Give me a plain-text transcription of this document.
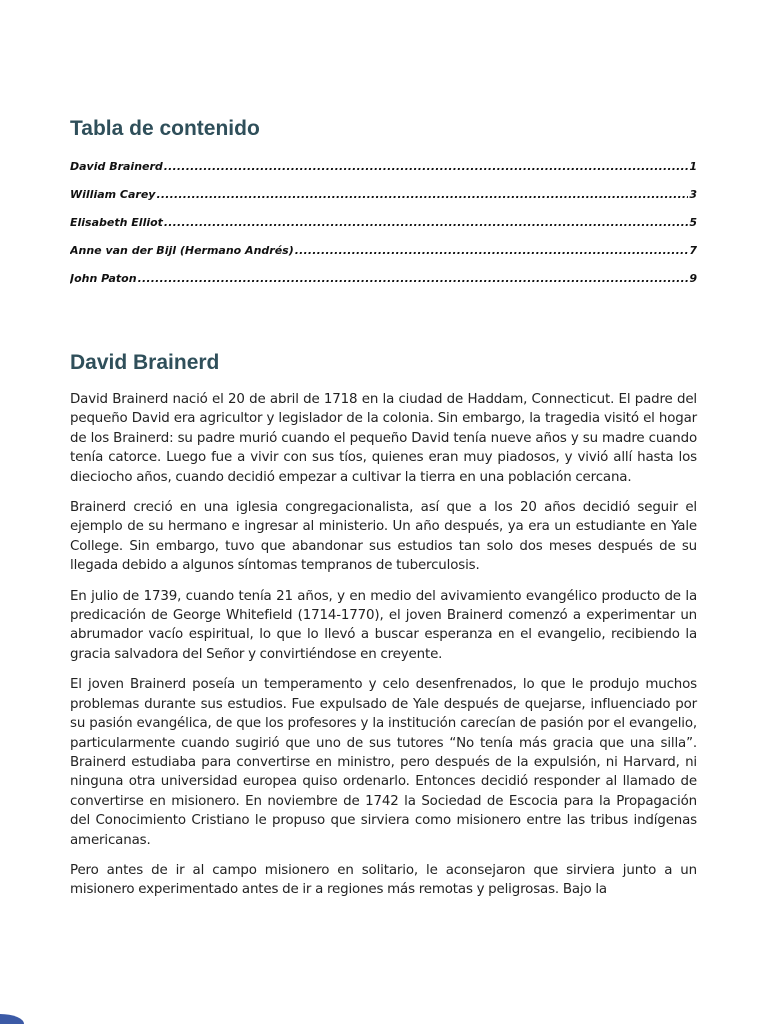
Tabla de contenido
David Brainerd .....	1
William Carey .....	3
Elisabeth Elliot .....	5
Anne van der Bijl (Hermano Andrés) .....	7
John Paton .....	9
David Brainerd

David Brainerd nació el 20 de abril de 1718 en la ciudad de Haddam, Connecticut. El padre del pequeño David era agricultor y legislador de la colonia. Sin embargo, la tragedia visitó el hogar de los Brainerd: su padre murió cuando el pequeño David tenía nueve años y su madre cuando tenía catorce. Luego fue a vivir con sus tíos, quienes eran muy piadosos, y vivió allí hasta los dieciocho años, cuando decidió empezar a cultivar la tierra en una población cercana.

Brainerd creció en una iglesia congregacionalista, así que a los 20 años decidió seguir el ejemplo de su hermano e ingresar al ministerio. Un año después, ya era un estudiante en Yale College. Sin embargo, tuvo que abandonar sus estudios tan solo dos meses después de su llegada debido a algunos síntomas tempranos de tuberculosis.

En julio de 1739, cuando tenía 21 años, y en medio del avivamiento evangélico producto de la predicación de George Whitefield (1714-1770), el joven Brainerd comenzó a experimentar un abrumador vacío espiritual, lo que lo llevó a buscar esperanza en el evangelio, recibiendo la gracia salvadora del Señor y convirtiéndose en creyente.

El joven Brainerd poseía un temperamento y celo desenfrenados, lo que le produjo muchos problemas durante sus estudios. Fue expulsado de Yale después de quejarse, influenciado por su pasión evangélica, de que los profesores y la institución carecían de pasión por el evangelio, particularmente cuando sugirió que uno de sus tutores “No tenía más gracia que una silla”. Brainerd estudiaba para convertirse en ministro, pero después de la expulsión, ni Harvard, ni ninguna otra universidad europea quiso ordenarlo. Entonces decidió responder al llamado de convertirse en misionero. En noviembre de 1742 la Sociedad de Escocia para la Propagación del Conocimiento Cristiano le propuso que sirviera como misionero entre las tribus indígenas americanas.

Pero antes de ir al campo misionero en solitario, le aconsejaron que sirviera junto a un misionero experimentado antes de ir a regiones más remotas y peligrosas. Bajo la
